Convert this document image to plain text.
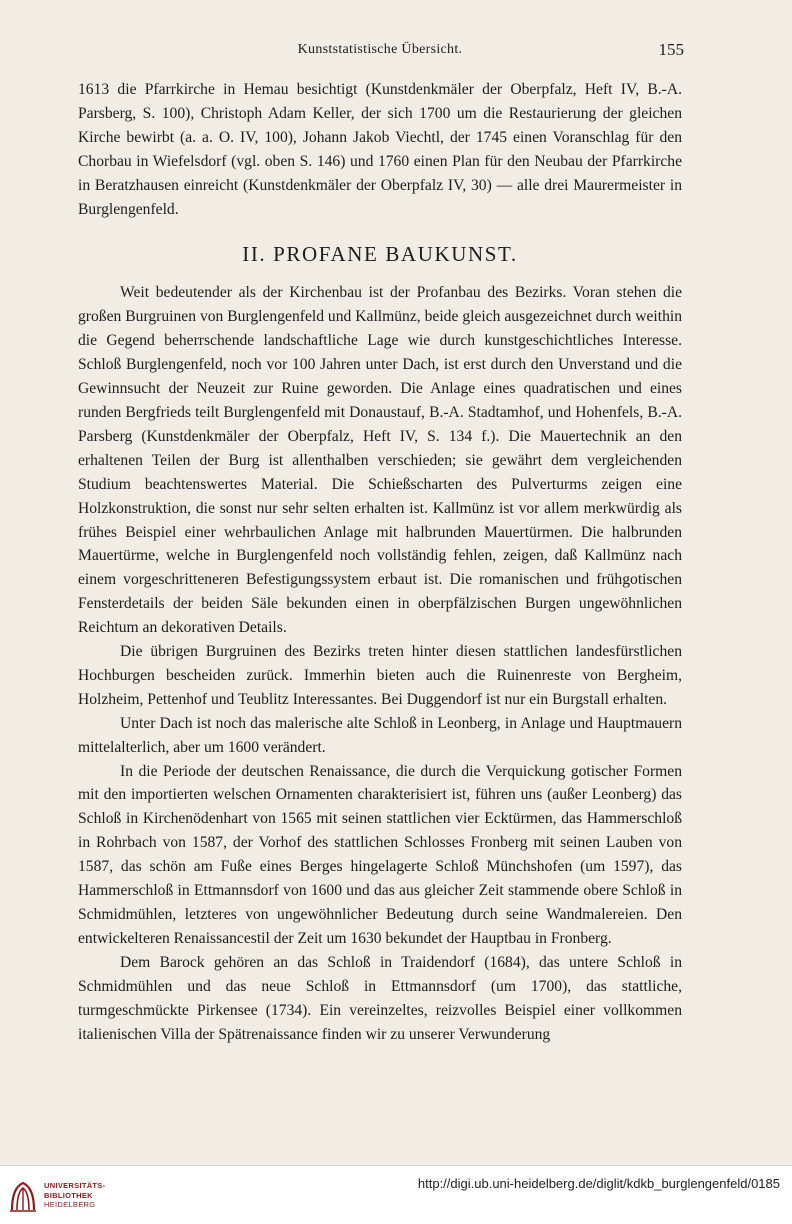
Kunststatistische Übersicht.	155

1613 die Pfarrkirche in Hemau besichtigt (Kunstdenkmäler der Oberpfalz, Heft IV, B.-A. Parsberg, S. 100), Christoph Adam Keller, der sich 1700 um die Restaurierung der gleichen Kirche bewirbt (a. a. O. IV, 100), Johann Jakob Viechtl, der 1745 einen Voranschlag für den Chorbau in Wiefelsdorf (vgl. oben S. 146) und 1760 einen Plan für den Neubau der Pfarrkirche in Beratzhausen einreicht (Kunstdenkmäler der Oberpfalz IV, 30) — alle drei Maurermeister in Burglengenfeld.

II. PROFANE BAUKUNST.

Weit bedeutender als der Kirchenbau ist der Profanbau des Bezirks. Voran stehen die großen Burgruinen von Burglengenfeld und Kallmünz, beide gleich ausgezeichnet durch weithin die Gegend beherrschende landschaftliche Lage wie durch kunstgeschichtliches Interesse. Schloß Burglengenfeld, noch vor 100 Jahren unter Dach, ist erst durch den Unverstand und die Gewinnsucht der Neuzeit zur Ruine geworden. Die Anlage eines quadratischen und eines runden Bergfrieds teilt Burglengenfeld mit Donaustauf, B.-A. Stadtamhof, und Hohenfels, B.-A. Parsberg (Kunstdenkmäler der Oberpfalz, Heft IV, S. 134 f.). Die Mauertechnik an den erhaltenen Teilen der Burg ist allenthalben verschieden; sie gewährt dem vergleichenden Studium beachtenswertes Material. Die Schießscharten des Pulverturms zeigen eine Holzkonstruktion, die sonst nur sehr selten erhalten ist. Kallmünz ist vor allem merkwürdig als frühes Beispiel einer wehrbaulichen Anlage mit halbrunden Mauertürmen. Die halbrunden Mauertürme, welche in Burglengenfeld noch vollständig fehlen, zeigen, daß Kallmünz nach einem vorgeschritteneren Befestigungssystem erbaut ist. Die romanischen und frühgotischen Fensterdetails der beiden Säle bekunden einen in oberpfälzischen Burgen ungewöhnlichen Reichtum an dekorativen Details.

Die übrigen Burgruinen des Bezirks treten hinter diesen stattlichen landesfürstlichen Hochburgen bescheiden zurück. Immerhin bieten auch die Ruinenreste von Bergheim, Holzheim, Pettenhof und Teublitz Interessantes. Bei Duggendorf ist nur ein Burgstall erhalten.

Unter Dach ist noch das malerische alte Schloß in Leonberg, in Anlage und Hauptmauern mittelalterlich, aber um 1600 verändert.

In die Periode der deutschen Renaissance, die durch die Verquickung gotischer Formen mit den importierten welschen Ornamenten charakterisiert ist, führen uns (außer Leonberg) das Schloß in Kirchenödenhart von 1565 mit seinen stattlichen vier Ecktürmen, das Hammerschloß in Rohrbach von 1587, der Vorhof des stattlichen Schlosses Fronberg mit seinen Lauben von 1587, das schön am Fuße eines Berges hingelagerte Schloß Münchshofen (um 1597), das Hammerschloß in Ettmannsdorf von 1600 und das aus gleicher Zeit stammende obere Schloß in Schmidmühlen, letzteres von ungewöhnlicher Bedeutung durch seine Wandmalereien. Den entwickelteren Renaissancestil der Zeit um 1630 bekundet der Hauptbau in Fronberg.

Dem Barock gehören an das Schloß in Traidendorf (1684), das untere Schloß in Schmidmühlen und das neue Schloß in Ettmannsdorf (um 1700), das stattliche, turmgeschmückte Pirkensee (1734). Ein vereinzeltes, reizvolles Beispiel einer vollkommen italienischen Villa der Spätrenaissance finden wir zu unserer Verwunderung

UNIVERSITÄTS-
BIBLIOTHEK
HEIDELBERG
http://digi.ub.uni-heidelberg.de/diglit/kdkb_burglengenfeld/0185
